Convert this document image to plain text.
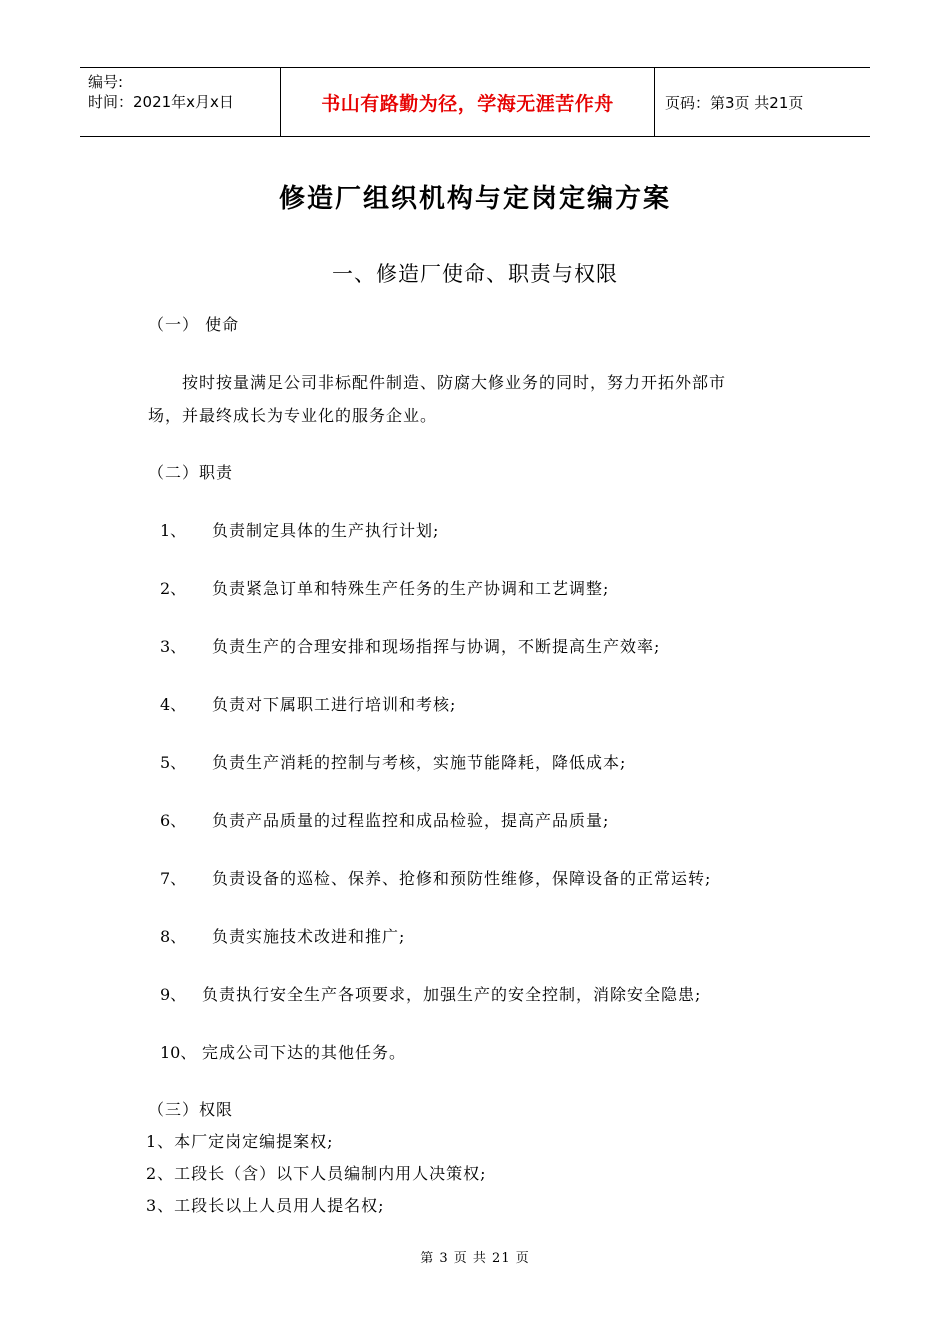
编号:
时间：2021年x月x日	书山有路勤为径，学海无涯苦作舟	页码：第3页 共21页
修造厂组织机构与定岗定编方案
一、修造厂使命、职责与权限
（一） 使命
按时按量满足公司非标配件制造、防腐大修业务的同时，努力开拓外部市
场，并最终成长为专业化的服务企业。
（二）职责
1、 负责制定具体的生产执行计划;
2、 负责紧急订单和特殊生产任务的生产协调和工艺调整;
3、 负责生产的合理安排和现场指挥与协调，不断提高生产效率;
4、 负责对下属职工进行培训和考核;
5、 负责生产消耗的控制与考核，实施节能降耗，降低成本;
6、 负责产品质量的过程监控和成品检验，提高产品质量;
7、 负责设备的巡检、保养、抢修和预防性维修，保障设备的正常运转;
8、 负责实施技术改进和推广;
9、 负责执行安全生产各项要求，加强生产的安全控制，消除安全隐患;
10、 完成公司下达的其他任务。
（三）权限
1、本厂定岗定编提案权;
2、工段长（含）以下人员编制内用人决策权;
3、工段长以上人员用人提名权;
第 3 页 共 21 页
